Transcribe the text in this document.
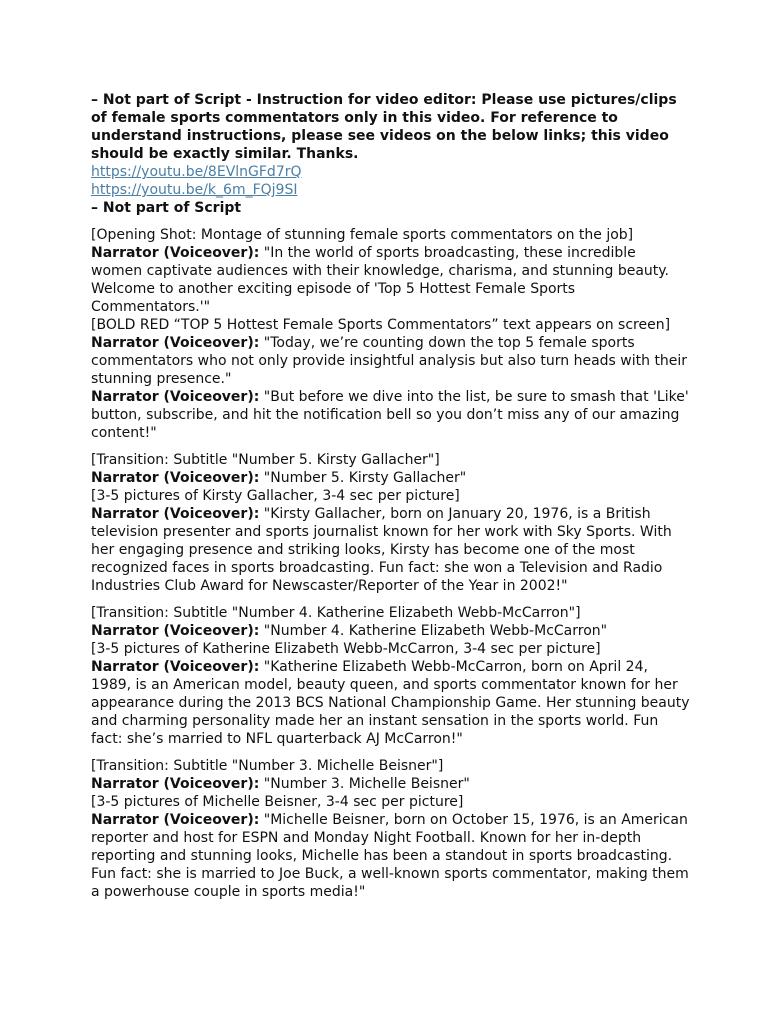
– Not part of Script - Instruction for video editor: Please use pictures/clips of female sports commentators only in this video. For reference to understand instructions, please see videos on the below links; this video should be exactly similar. Thanks.

https://youtu.be/8EVlnGFd7rQ
https://youtu.be/k_6m_FQj9SI

– Not part of Script

[Opening Shot: Montage of stunning female sports commentators on the job]

Narrator (Voiceover): "In the world of sports broadcasting, these incredible women captivate audiences with their knowledge, charisma, and stunning beauty. Welcome to another exciting episode of 'Top 5 Hottest Female Sports Commentators.'"

[BOLD RED “TOP 5 Hottest Female Sports Commentators” text appears on screen]

Narrator (Voiceover): "Today, we’re counting down the top 5 female sports commentators who not only provide insightful analysis but also turn heads with their stunning presence."

Narrator (Voiceover): "But before we dive into the list, be sure to smash that 'Like' button, subscribe, and hit the notification bell so you don’t miss any of our amazing content!"

[Transition: Subtitle "Number 5. Kirsty Gallacher"]

Narrator (Voiceover): "Number 5. Kirsty Gallacher"

[3-5 pictures of Kirsty Gallacher, 3-4 sec per picture]

Narrator (Voiceover): "Kirsty Gallacher, born on January 20, 1976, is a British television presenter and sports journalist known for her work with Sky Sports. With her engaging presence and striking looks, Kirsty has become one of the most recognized faces in sports broadcasting. Fun fact: she won a Television and Radio Industries Club Award for Newscaster/Reporter of the Year in 2002!"

[Transition: Subtitle "Number 4. Katherine Elizabeth Webb-McCarron"]

Narrator (Voiceover): "Number 4. Katherine Elizabeth Webb-McCarron"

[3-5 pictures of Katherine Elizabeth Webb-McCarron, 3-4 sec per picture]

Narrator (Voiceover): "Katherine Elizabeth Webb-McCarron, born on April 24, 1989, is an American model, beauty queen, and sports commentator known for her appearance during the 2013 BCS National Championship Game. Her stunning beauty and charming personality made her an instant sensation in the sports world. Fun fact: she’s married to NFL quarterback AJ McCarron!"

[Transition: Subtitle "Number 3. Michelle Beisner"]

Narrator (Voiceover): "Number 3. Michelle Beisner"

[3-5 pictures of Michelle Beisner, 3-4 sec per picture]

Narrator (Voiceover): "Michelle Beisner, born on October 15, 1976, is an American reporter and host for ESPN and Monday Night Football. Known for her in-depth reporting and stunning looks, Michelle has been a standout in sports broadcasting. Fun fact: she is married to Joe Buck, a well-known sports commentator, making them a powerhouse couple in sports media!"
